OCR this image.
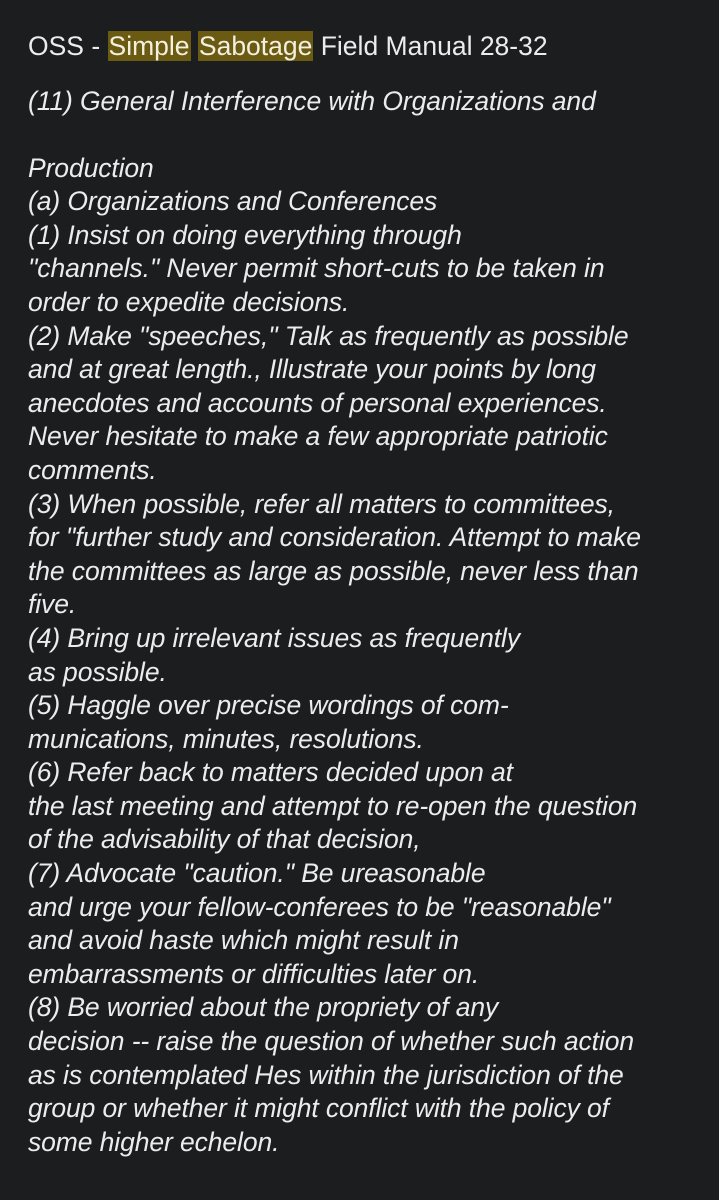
OSS - Simple Sabotage Field Manual 28-32
(11) General Interference with Organizations and
Production
(a) Organizations and Conferences
(1) Insist on doing everything through
"channels." Never permit short-cuts to be taken in
order to expedite decisions.
(2) Make "speeches," Talk as frequently as possible
and at great length., Illustrate your points by long
anecdotes and accounts of personal experiences.
Never hesitate to make a few appropriate patriotic
comments.
(3) When possible, refer all matters to committees,
for "further study and consideration. Attempt to make
the committees as large as possible, never less than
five.
(4) Bring up irrelevant issues as frequently
as possible.
(5) Haggle over precise wordings of com-
munications, minutes, resolutions.
(6) Refer back to matters decided upon at
the last meeting and attempt to re-open the question
of the advisability of that decision,
(7) Advocate "caution." Be ureasonable
and urge your fellow-conferees to be "reasonable"
and avoid haste which might result in
embarrassments or difficulties later on.
(8) Be worried about the propriety of any
decision -- raise the question of whether such action
as is contemplated Hes within the jurisdiction of the
group or whether it might conflict with the policy of
some higher echelon.
